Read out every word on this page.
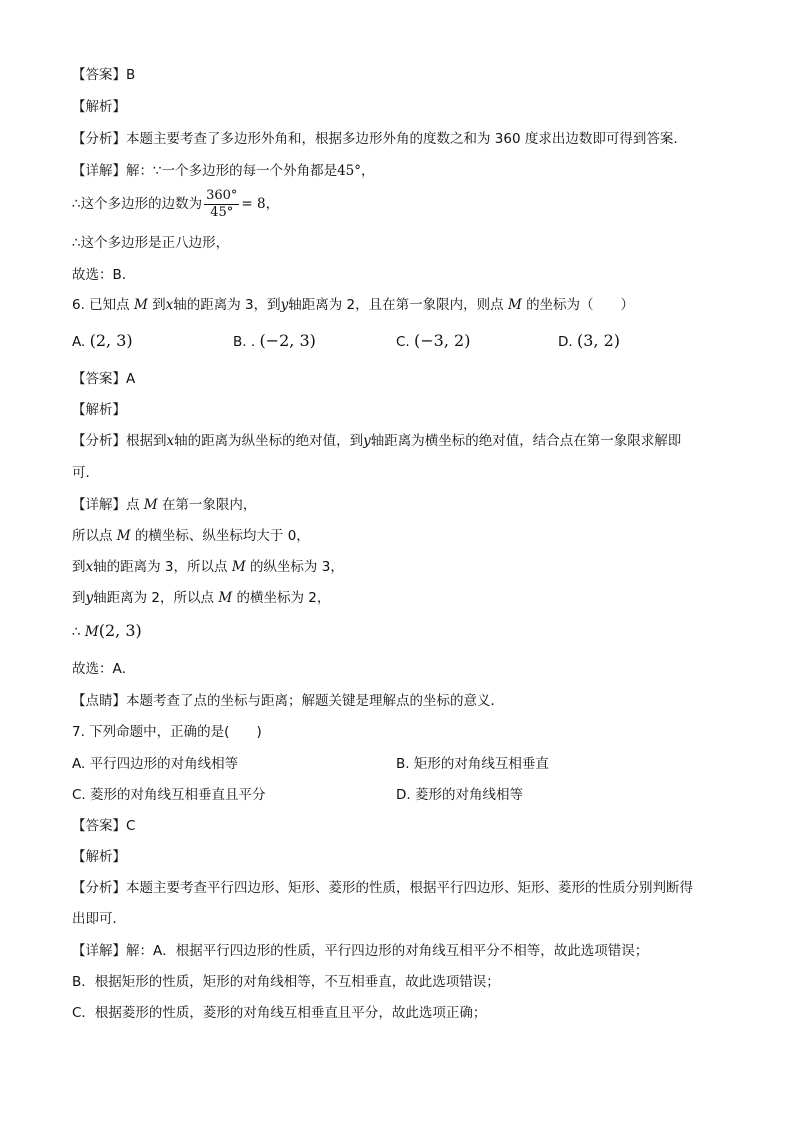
【答案】B
【解析】
【分析】本题主要考查了多边形外角和，根据多边形外角的度数之和为 360 度求出边数即可得到答案．
【详解】解：∵一个多边形的每一个外角都是45°，
∴这个多边形的边数为 $\frac{360^\circ}{45^\circ} = 8$，
∴这个多边形是正八边形，
故选：B．
6. 已知点 M 到x轴的距离为 3，到y轴距离为 2，且在第一象限内，则点 M 的坐标为（　　）
A. (2, 3)	B. . (−2, 3)	C. (−3, 2)	D. (3, 2)
【答案】A
【解析】
【分析】根据到x轴的距离为纵坐标的绝对值，到y轴距离为横坐标的绝对值，结合点在第一象限求解即
可．
【详解】点 M 在第一象限内，
所以点 M 的横坐标、纵坐标均大于 0，
到x轴的距离为 3，所以点 M 的纵坐标为 3，
到y轴距离为 2，所以点 M 的横坐标为 2，
∴ M(2, 3)
故选：A．
【点睛】本题考查了点的坐标与距离；解题关键是理解点的坐标的意义．
7. 下列命题中，正确的是(　　)
A. 平行四边形的对角线相等	B. 矩形的对角线互相垂直
C. 菱形的对角线互相垂直且平分	D. 菱形的对角线相等
【答案】C
【解析】
【分析】本题主要考查平行四边形、矩形、菱形的性质，根据平行四边形、矩形、菱形的性质分别判断得
出即可．
【详解】解：A．根据平行四边形的性质，平行四边形的对角线互相平分不相等，故此选项错误；
B．根据矩形的性质，矩形的对角线相等，不互相垂直，故此选项错误；
C．根据菱形的性质，菱形的对角线互相垂直且平分，故此选项正确；
